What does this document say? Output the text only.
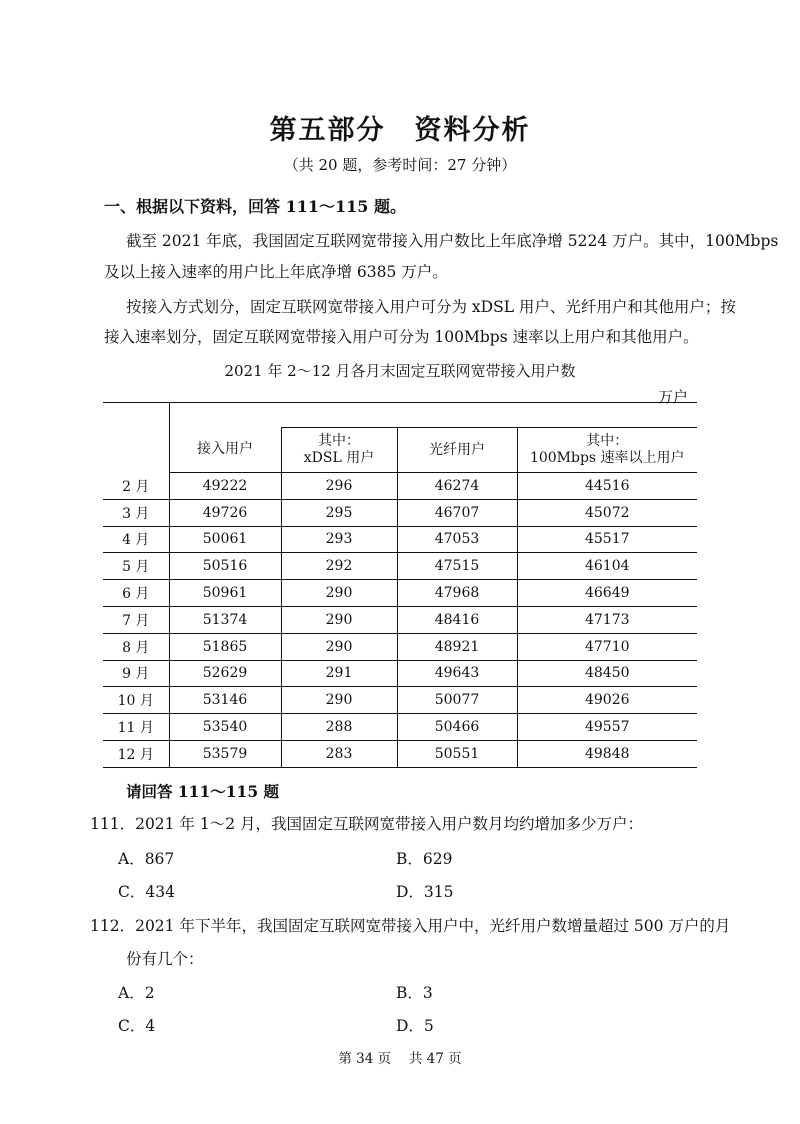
第五部分　资料分析
（共 20 题，参考时间：27 分钟）
一、根据以下资料，回答 111～115 题。
截至 2021 年底，我国固定互联网宽带接入用户数比上年底净增 5224 万户。其中，100Mbps
及以上接入速率的用户比上年底净增 6385 万户。
按接入方式划分，固定互联网宽带接入用户可分为 xDSL 用户、光纤用户和其他用户；按
接入速率划分，固定互联网宽带接入用户可分为 100Mbps 速率以上用户和其他用户。
2021 年 2～12 月各月末固定互联网宽带接入用户数
万户

	接入用户	其中：
xDSL 用户	光纤用户	其中：
100Mbps 速率以上用户
2 月	49222	296	46274	44516
3 月	49726	295	46707	45072
4 月	50061	293	47053	45517
5 月	50516	292	47515	46104
6 月	50961	290	47968	46649
7 月	51374	290	48416	47173
8 月	51865	290	48921	47710
9 月	52629	291	49643	48450
10 月	53146	290	50077	49026
11 月	53540	288	50466	49557
12 月	53579	283	50551	49848
请回答 111～115 题
111．2021 年 1～2 月，我国固定互联网宽带接入用户数月均约增加多少万户：
A．867	B．629
C．434	D．315
112．2021 年下半年，我国固定互联网宽带接入用户中，光纤用户数增量超过 500 万户的月
份有几个：
A．2	B．3
C．4	D．5
第 34 页　 共 47 页
